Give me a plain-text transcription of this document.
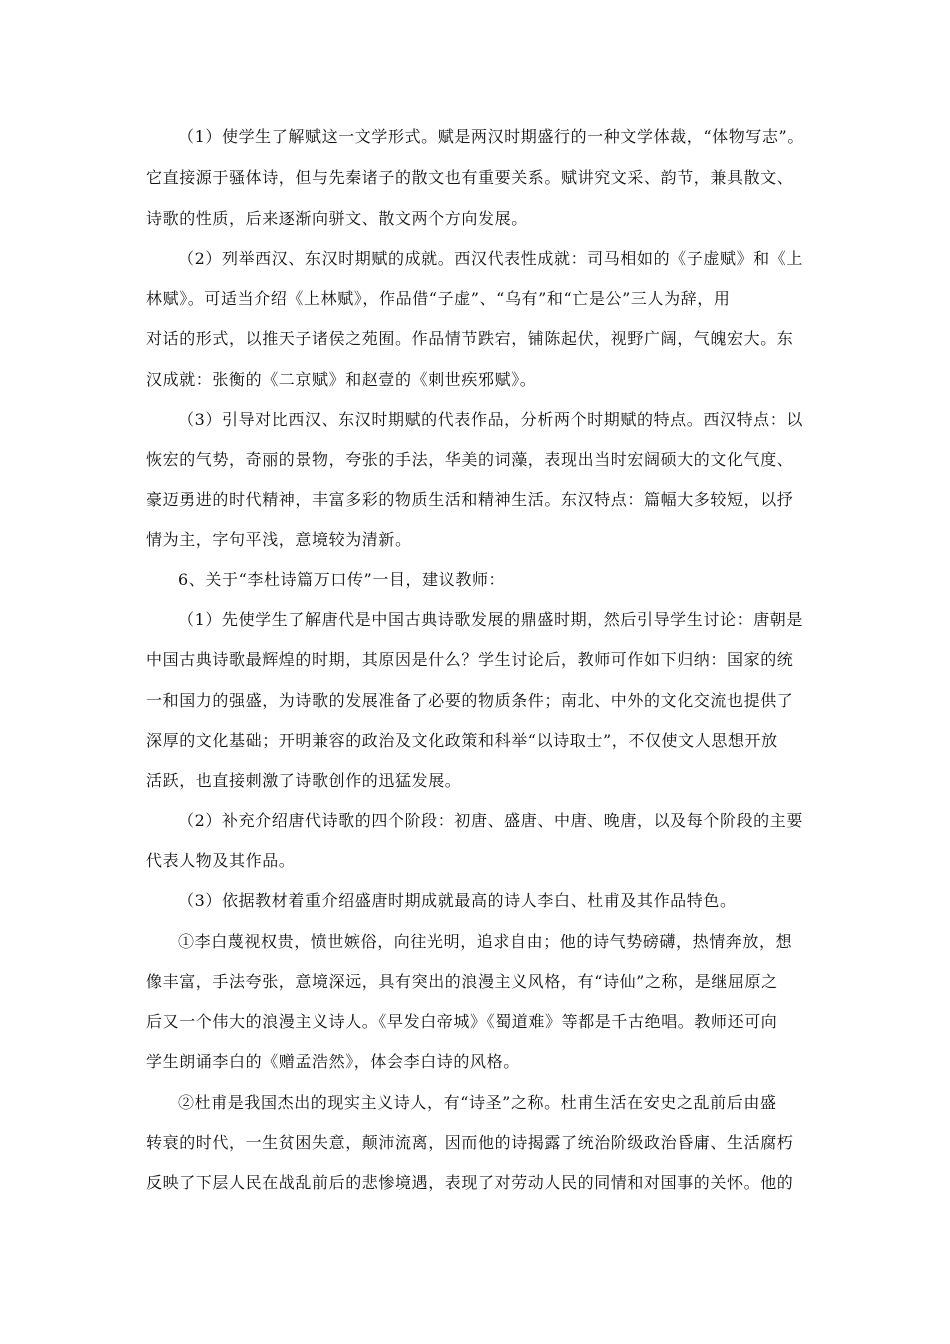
（1）使学生了解赋这一文学形式。赋是两汉时期盛行的一种文学体裁，“体物写志”。
它直接源于骚体诗，但与先秦诸子的散文也有重要关系。赋讲究文采、韵节，兼具散文、
诗歌的性质，后来逐渐向骈文、散文两个方向发展。
（2）列举西汉、东汉时期赋的成就。西汉代表性成就：司马相如的《子虚赋》和《上
林赋》。可适当介绍《上林赋》，作品借“子虚”、“乌有”和“亡是公”三人为辞，用
对话的形式，以推天子诸侯之苑囿。作品情节跌宕，铺陈起伏，视野广阔，气魄宏大。东
汉成就：张衡的《二京赋》和赵壹的《刺世疾邪赋》。
（3）引导对比西汉、东汉时期赋的代表作品，分析两个时期赋的特点。西汉特点：以
恢宏的气势，奇丽的景物，夸张的手法，华美的词藻，表现出当时宏阔硕大的文化气度、
豪迈勇进的时代精神，丰富多彩的物质生活和精神生活。东汉特点：篇幅大多较短，以抒
情为主，字句平浅，意境较为清新。
6、关于“李杜诗篇万口传”一目，建议教师：
（1）先使学生了解唐代是中国古典诗歌发展的鼎盛时期，然后引导学生讨论：唐朝是
中国古典诗歌最辉煌的时期，其原因是什么？学生讨论后，教师可作如下归纳：国家的统
一和国力的强盛，为诗歌的发展准备了必要的物质条件；南北、中外的文化交流也提供了
深厚的文化基础；开明兼容的政治及文化政策和科举“以诗取士”，不仅使文人思想开放
活跃，也直接刺激了诗歌创作的迅猛发展。
（2）补充介绍唐代诗歌的四个阶段：初唐、盛唐、中唐、晚唐，以及每个阶段的主要
代表人物及其作品。
（3）依据教材着重介绍盛唐时期成就最高的诗人李白、杜甫及其作品特色。
①李白蔑视权贵，愤世嫉俗，向往光明，追求自由；他的诗气势磅礴，热情奔放，想
像丰富，手法夸张，意境深远，具有突出的浪漫主义风格，有“诗仙”之称，是继屈原之
后又一个伟大的浪漫主义诗人。《早发白帝城》《蜀道难》等都是千古绝唱。教师还可向
学生朗诵李白的《赠孟浩然》，体会李白诗的风格。
②杜甫是我国杰出的现实主义诗人，有“诗圣”之称。杜甫生活在安史之乱前后由盛
转衰的时代，一生贫困失意，颠沛流离，因而他的诗揭露了统治阶级政治昏庸、生活腐朽
反映了下层人民在战乱前后的悲惨境遇，表现了对劳动人民的同情和对国事的关怀。他的
